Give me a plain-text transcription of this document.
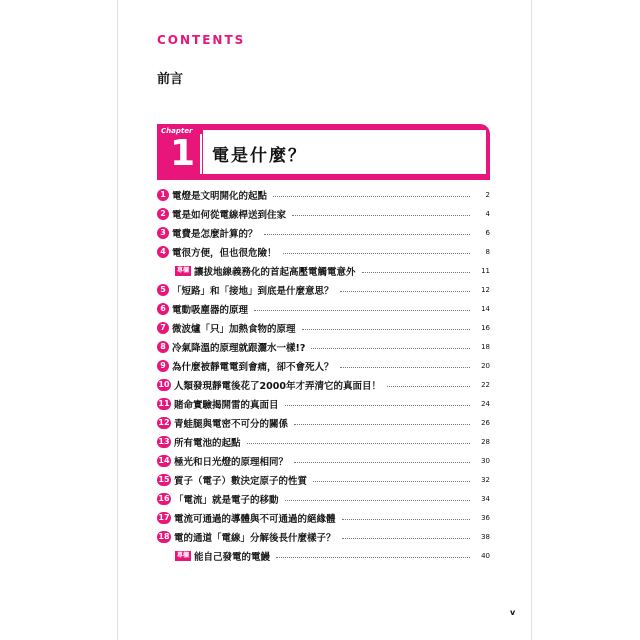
CONTENTS
前言
Chapter
1 電是什麼？
1 電燈是文明開化的起點	2
2 電是如何從電線桿送到住家	4
3 電費是怎麼計算的？	6
4 電很方便，但也很危險！	8
專欄 讓拔地線義務化的首起高壓電觸電意外	11
5 「短路」和「接地」到底是什麼意思？	12
6 電動吸塵器的原理	14
7 微波爐「只」加熱食物的原理	16
8 冷氣降溫的原理就跟灑水一樣!?	18
9 為什麼被靜電電到會痛，卻不會死人？	20
10 人類發現靜電後花了2000年才弄清它的真面目！	22
11 賭命實驗揭開雷的真面目	24
12 青蛙腿與電密不可分的關係	26
13 所有電池的起點	28
14 極光和日光燈的原理相同？	30
15 質子（電子）數決定原子的性質	32
16 「電流」就是電子的移動	34
17 電流可通過的導體與不可通過的絕緣體	36
18 電的通道「電線」分解後長什麼樣子？	38
專欄 能自己發電的電鰻	40
v
